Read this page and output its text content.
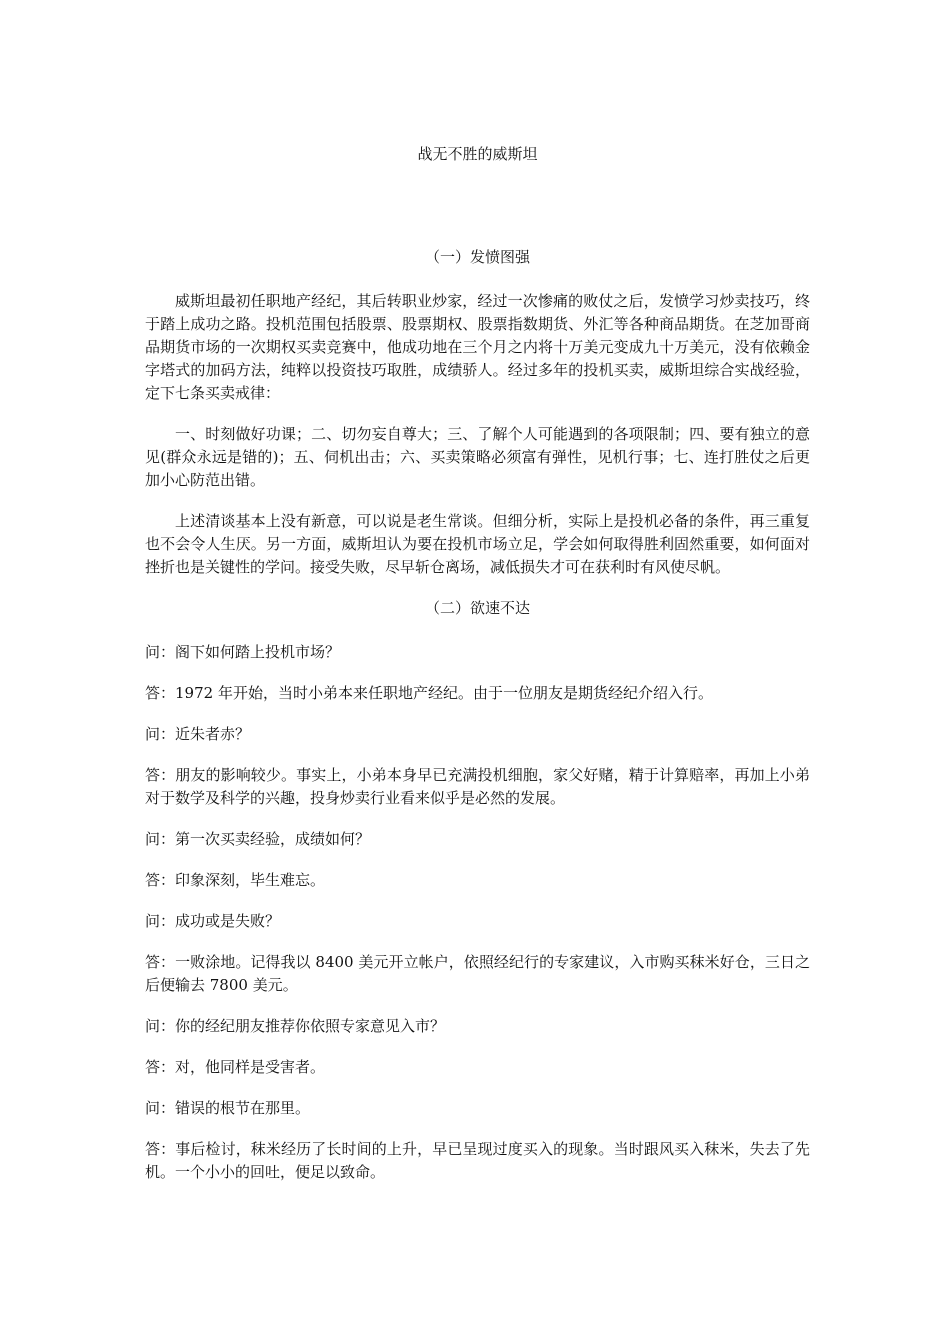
战无不胜的威斯坦
（一）发愤图强

威斯坦最初任职地产经纪，其后转职业炒家，经过一次惨痛的败仗之后，发愤学习炒卖技巧，终于踏上成功之路。投机范围包括股票、股票期权、股票指数期货、外汇等各种商品期货。在芝加哥商品期货市场的一次期权买卖竞赛中，他成功地在三个月之内将十万美元变成九十万美元，没有依赖金字塔式的加码方法，纯粹以投资技巧取胜，成绩骄人。经过多年的投机买卖，威斯坦综合实战经验，定下七条买卖戒律：

一、时刻做好功课；二、切勿妄自尊大；三、了解个人可能遇到的各项限制；四、要有独立的意见(群众永远是错的)；五、伺机出击；六、买卖策略必须富有弹性，见机行事；七、连打胜仗之后更加小心防范出错。

上述清谈基本上没有新意，可以说是老生常谈。但细分析，实际上是投机必备的条件，再三重复也不会令人生厌。另一方面，威斯坦认为要在投机市场立足，学会如何取得胜利固然重要，如何面对挫折也是关键性的学问。接受失败，尽早斩仓离场，减低损失才可在获利时有风使尽帆。

（二）欲速不达

问：阁下如何踏上投机市场？

答：1972 年开始，当时小弟本来任职地产经纪。由于一位朋友是期货经纪介绍入行。

问：近朱者赤？

答：朋友的影响较少。事实上，小弟本身早已充满投机细胞，家父好赌，精于计算赔率，再加上小弟对于数学及科学的兴趣，投身炒卖行业看来似乎是必然的发展。

问：第一次买卖经验，成绩如何？

答：印象深刻，毕生难忘。

问：成功或是失败？

答：一败涂地。记得我以 8400 美元开立帐户，依照经纪行的专家建议，入市购买秣米好仓，三日之后便输去 7800 美元。

问：你的经纪朋友推荐你依照专家意见入市？

答：对，他同样是受害者。

问：错误的根节在那里。

答：事后检讨，秣米经历了长时间的上升，早已呈现过度买入的现象。当时跟风买入秣米，失去了先机。一个小小的回吐，便足以致命。
